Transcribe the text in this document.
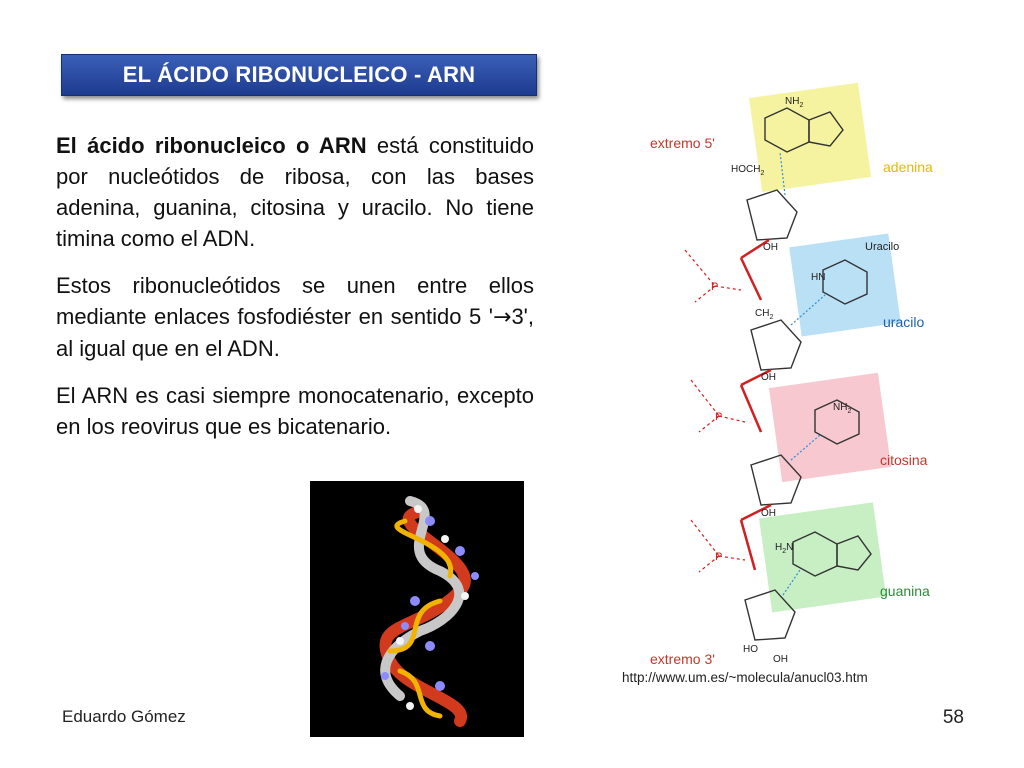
EL ÁCIDO RIBONUCLEICO - ARN

El ácido ribonucleico o ARN está constituido por nucleótidos de ribosa, con las bases adenina, guanina, citosina y uracilo. No tiene timina como el ADN.

Estos ribonucleótidos se unen entre ellos mediante enlaces fosfodiéster en sentido 5 '→3', al igual que en el ADN.

El ARN es casi siempre monocatenario, excepto en los reovirus que es bicatenario.

extremo 5'
extremo 3'
http://www.um.es/~molecula/anucl03.htm
adenina
Uracilo
uracilo
citosina
guanina
P
P
P
$NH_2$
$HOCH_2$
OH
HN
$NH_2$
OH
$CH_2$
OH
$H_2N$
HO
OH
Eduardo Gómez	58
